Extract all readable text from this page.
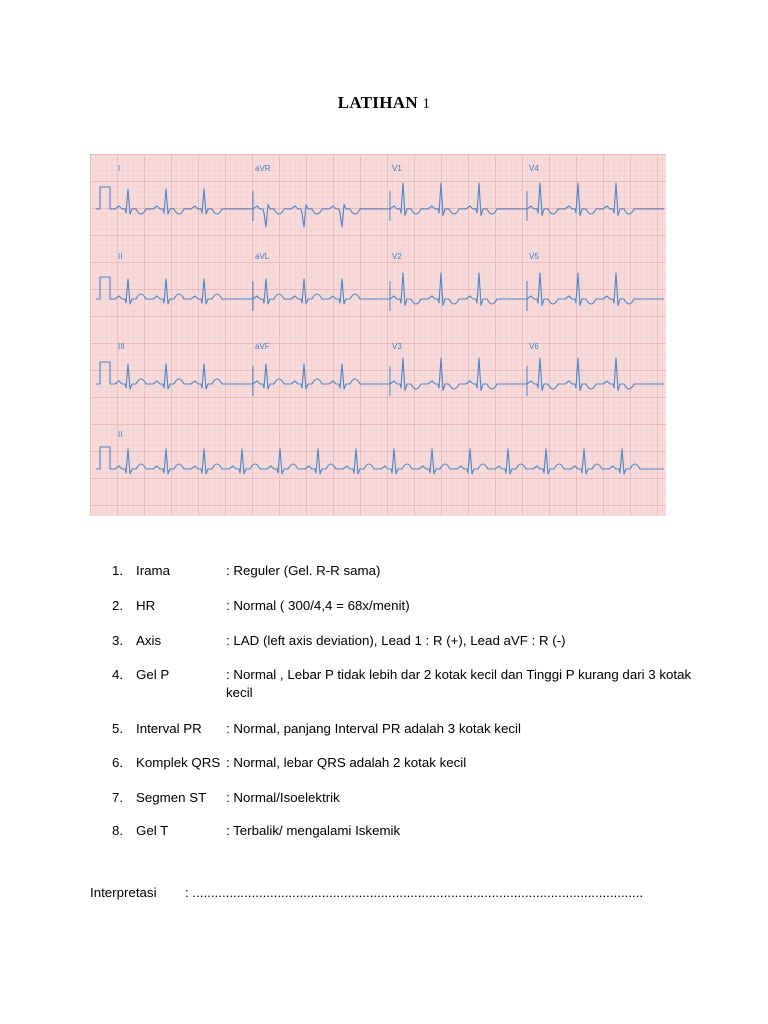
LATIHAN 1
I	aVR	V1	V4
II	aVL	V2	V5
III	aVF	V3	V6
II
1. Irama	: Reguler (Gel. R-R sama)
2. HR	: Normal ( 300/4,4 = 68x/menit)
3. Axis	: LAD (left axis deviation), Lead 1 : R (+), Lead aVF : R (-)
4. Gel P	: Normal , Lebar P tidak lebih dar 2 kotak kecil dan Tinggi P kurang dari 3 kotak kecil
5. Interval PR : Normal, panjang Interval PR adalah 3 kotak kecil
6. Komplek QRS : Normal, lebar QRS adalah 2 kotak kecil
7. Segmen ST : Normal/Isoelektrik
8. Gel T	: Terbalik/ mengalami Iskemik
Interpretasi : ..........................................................................................................................
